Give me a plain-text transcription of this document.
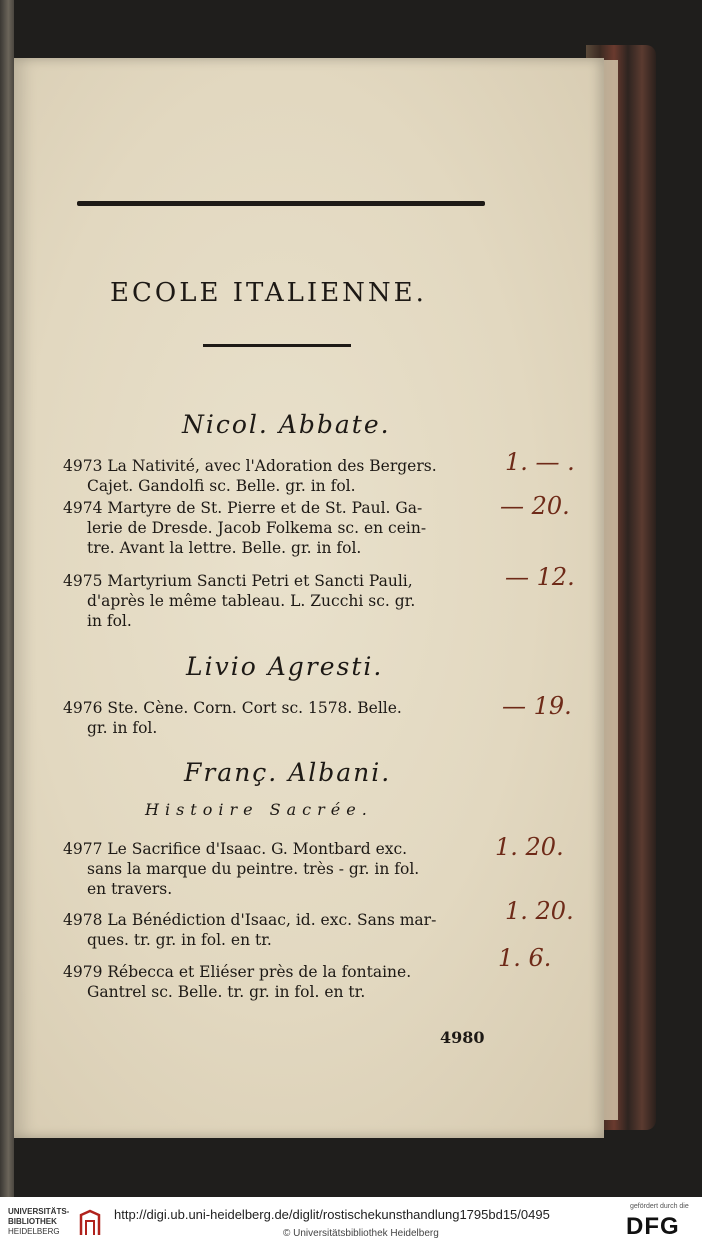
ECOLE ITALIENNE.
Nicol. Abbate.
4973 La Nativité, avec l'Adoration des Bergers.
Cajet. Gandolfi sc. Belle. gr. in fol.
1. — .
4974 Martyre de St. Pierre et de St. Paul. Ga-
lerie de Dresde. Jacob Folkema sc. en cein-
tre. Avant la lettre. Belle. gr. in fol.
— 20.
4975 Martyrium Sancti Petri et Sancti Pauli,
d'après le même tableau. L. Zucchi sc. gr.
in fol.
— 12.
Livio Agresti.
4976 Ste. Cène. Corn. Cort sc. 1578. Belle.
gr. in fol.
— 19.
Franç. Albani.
Histoire Sacrée.
4977 Le Sacrifice d'Isaac. G. Montbard exc.
sans la marque du peintre. très - gr. in fol.
en travers.
1. 20.
4978 La Bénédiction d'Isaac, id. exc. Sans mar-
ques. tr. gr. in fol. en tr.
1. 20.
4979 Rébecca et Eliéser près de la fontaine.
Gantrel sc. Belle. tr. gr. in fol. en tr.
1. 6.
4980
UNIVERSITÄTS-
BIBLIOTHEK
HEIDELBERG
http://digi.ub.uni-heidelberg.de/diglit/rostischekunsthandlung1795bd15/0495
© Universitätsbibliothek Heidelberg
gefördert durch die
DFG
